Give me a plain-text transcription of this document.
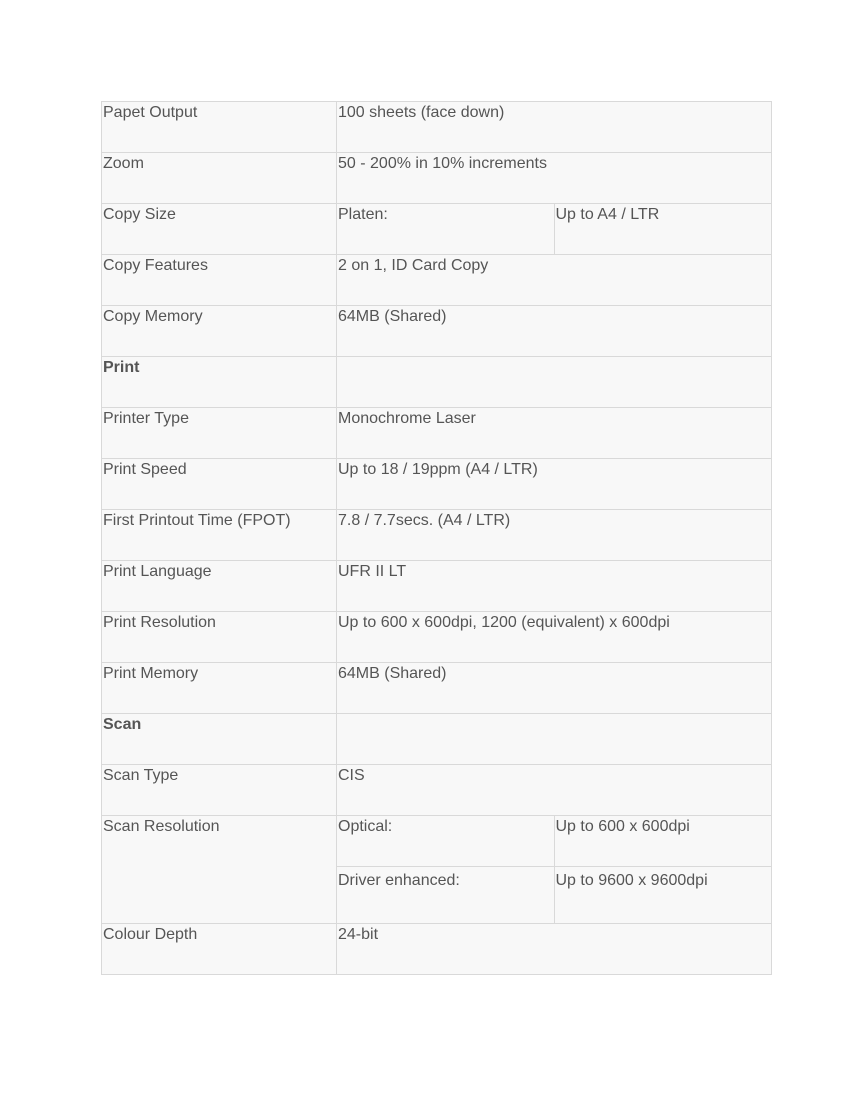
Papet Output	100 sheets (face down)	
Zoom	50 - 200% in 10% increments	
Copy Size	Platen:	Up to A4 / LTR
Copy Features	2 on 1, ID Card Copy	
Copy Memory	64MB (Shared)	
Print		
Printer Type	Monochrome Laser	
Print Speed	Up to 18 / 19ppm (A4 / LTR)	
First Printout Time (FPOT)	7.8 / 7.7secs. (A4 / LTR)	
Print Language	UFR II LT	
Print Resolution	Up to 600 x 600dpi, 1200 (equivalent) x 600dpi	
Print Memory	64MB (Shared)	
Scan		
Scan Type	CIS	
Scan Resolution	Optical:	Up to 600 x 600dpi
	Driver enhanced:	Up to 9600 x 9600dpi
Colour Depth	24-bit	
